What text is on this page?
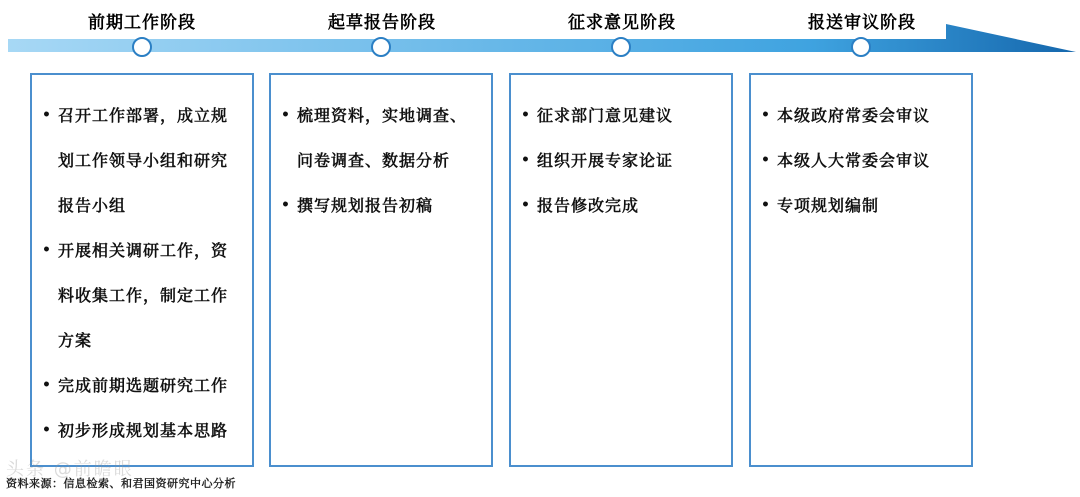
前期工作阶段	起草报告阶段	征求意见阶段	报送审议阶段
• 召开工作部署，成立规划工作领导小组和研究报告小组
• 开展相关调研工作，资料收集工作，制定工作方案
• 完成前期选题研究工作
• 初步形成规划基本思路
• 梳理资料，实地调查、问卷调查、数据分析
• 撰写规划报告初稿
• 征求部门意见建议
• 组织开展专家论证
• 报告修改完成
• 本级政府常委会审议
• 本级人大常委会审议
• 专项规划编制
头条 @前瞻眼
资料来源：信息检索、和君国资研究中心分析
